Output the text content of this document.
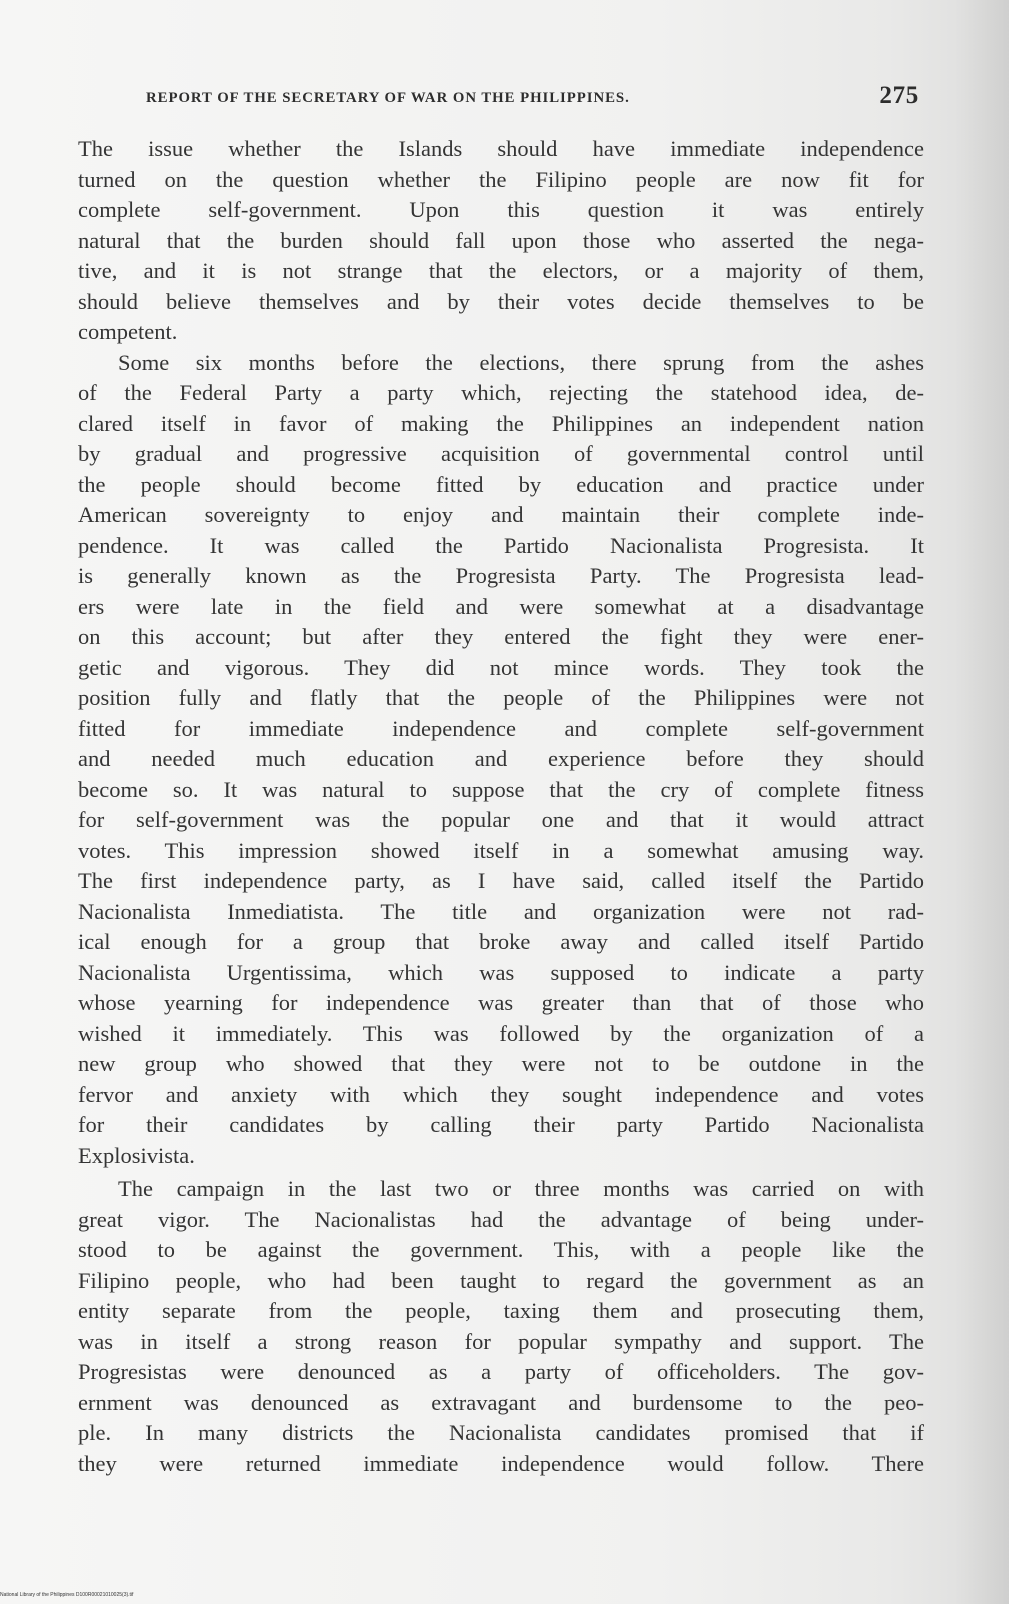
REPORT OF THE SECRETARY OF WAR ON THE PHILIPPINES.	275
The issue whether the Islands should have immediate independence
turned on the question whether the Filipino people are now fit for
complete self-government. Upon this question it was entirely
natural that the burden should fall upon those who asserted the nega-
tive, and it is not strange that the electors, or a majority of them,
should believe themselves and by their votes decide themselves to be
competent.
Some six months before the elections, there sprung from the ashes
of the Federal Party a party which, rejecting the statehood idea, de-
clared itself in favor of making the Philippines an independent nation
by gradual and progressive acquisition of governmental control until
the people should become fitted by education and practice under
American sovereignty to enjoy and maintain their complete inde-
pendence. It was called the Partido Nacionalista Progresista. It
is generally known as the Progresista Party. The Progresista lead-
ers were late in the field and were somewhat at a disadvantage
on this account; but after they entered the fight they were ener-
getic and vigorous. They did not mince words. They took the
position fully and flatly that the people of the Philippines were not
fitted for immediate independence and complete self-government
and needed much education and experience before they should
become so. It was natural to suppose that the cry of complete fitness
for self-government was the popular one and that it would attract
votes. This impression showed itself in a somewhat amusing way.
The first independence party, as I have said, called itself the Partido
Nacionalista Inmediatista. The title and organization were not rad-
ical enough for a group that broke away and called itself Partido
Nacionalista Urgentissima, which was supposed to indicate a party
whose yearning for independence was greater than that of those who
wished it immediately. This was followed by the organization of a
new group who showed that they were not to be outdone in the
fervor and anxiety with which they sought independence and votes
for their candidates by calling their party Partido Nacionalista
Explosivista.
The campaign in the last two or three months was carried on with
great vigor. The Nacionalistas had the advantage of being under-
stood to be against the government. This, with a people like the
Filipino people, who had been taught to regard the government as an
entity separate from the people, taxing them and prosecuting them,
was in itself a strong reason for popular sympathy and support. The
Progresistas were denounced as a party of officeholders. The gov-
ernment was denounced as extravagant and burdensome to the peo-
ple. In many districts the Nacionalista candidates promised that if
they were returned immediate independence would follow. There
National Library of the Philippines D100R00021010025(3).tif
